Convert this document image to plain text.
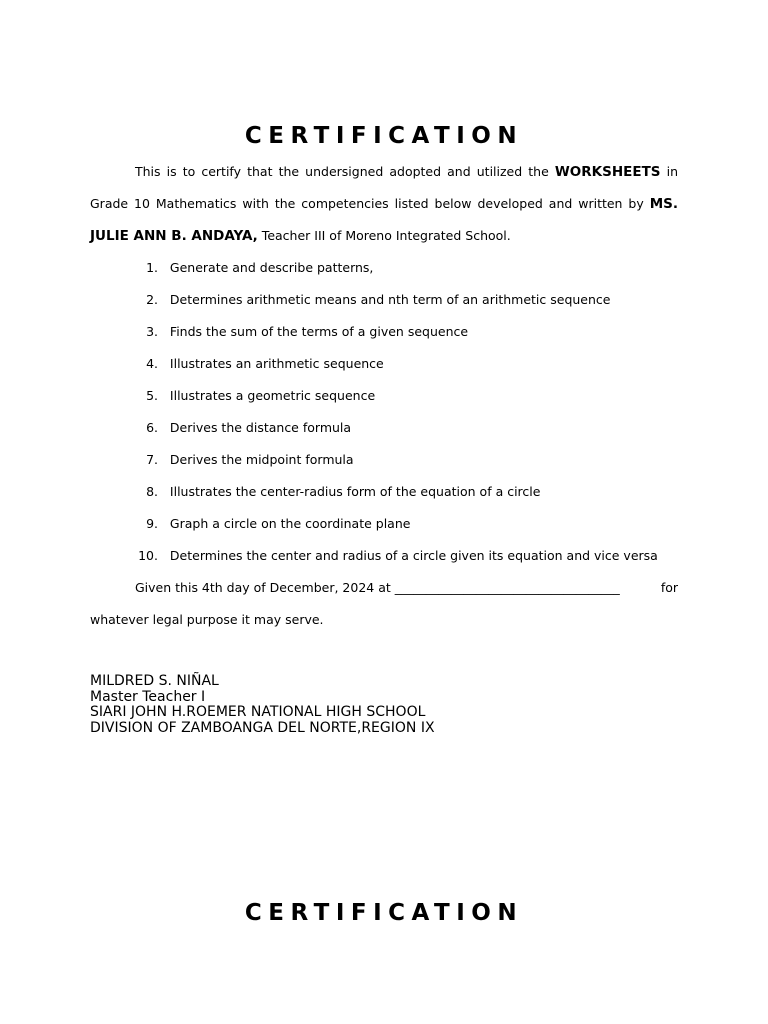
CERTIFICATION
This is to certify that the undersigned adopted and utilized the WORKSHEETS in Grade 10 Mathematics with the competencies listed below developed and written by MS. JULIE ANN B. ANDAYA, Teacher III of Moreno Integrated School.
1. Generate and describe patterns,
2. Determines arithmetic means and nth term of an arithmetic sequence
3. Finds the sum of the terms of a given sequence
4. Illustrates an arithmetic sequence
5. Illustrates a geometric sequence
6. Derives the distance formula
7. Derives the midpoint formula
8. Illustrates the center-radius form of the equation of a circle
9. Graph a circle on the coordinate plane
10. Determines the center and radius of a circle given its equation and vice versa
Given this 4th day of December, 2024 at ____________________________________	for
whatever legal purpose it may serve.
MILDRED S. NIÑAL
Master Teacher I
SIARI JOHN H.ROEMER NATIONAL HIGH SCHOOL
DIVISION OF ZAMBOANGA DEL NORTE,REGION IX
CERTIFICATION
